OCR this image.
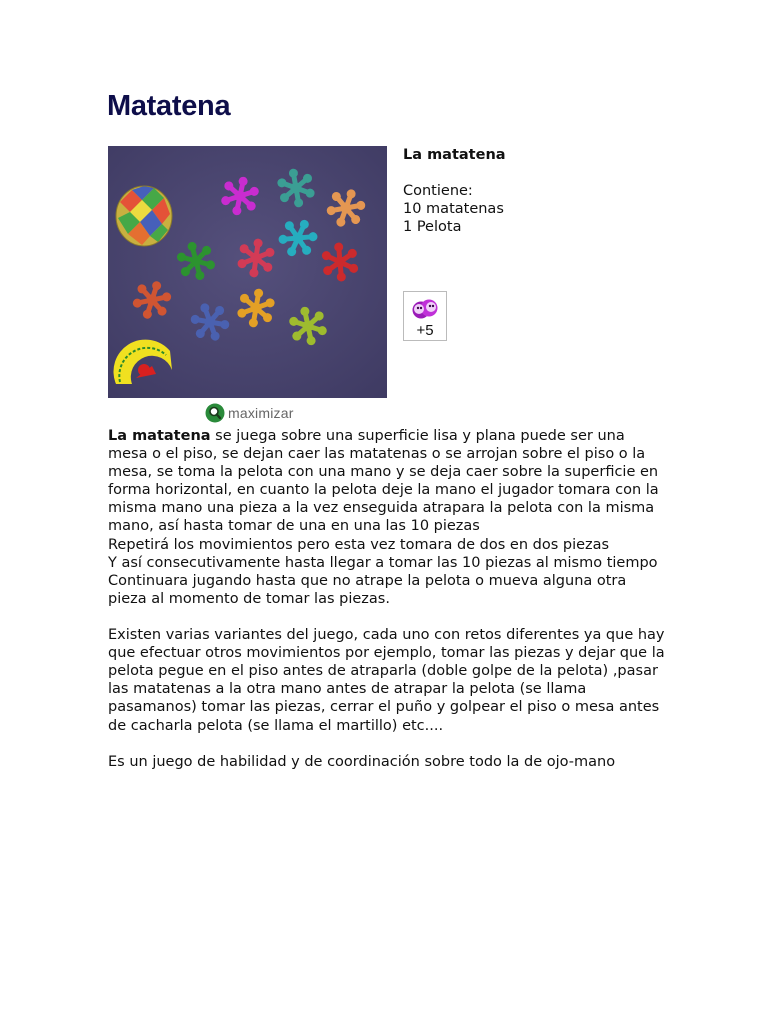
Matatena
La matatena
Contiene:
10 matatenas
1 Pelota
+5
maximizar

La matatena se juega sobre una superficie lisa y plana puede ser una mesa o el piso, se dejan caer las matatenas o se arrojan sobre el piso o la mesa, se toma la pelota con una mano y se deja caer sobre la superficie en forma horizontal, en cuanto la pelota deje la mano el jugador tomara con la misma mano una pieza a la vez enseguida atrapara la pelota con la misma mano, así hasta tomar de una en una las 10 piezas

Repetirá los movimientos pero esta vez tomara de dos en dos piezas

Y así consecutivamente hasta llegar a tomar las 10 piezas al mismo tiempo

Continuara jugando hasta que no atrape la pelota o mueva alguna otra pieza al momento de tomar las piezas.

Existen varias variantes del juego, cada uno con retos diferentes ya que hay que efectuar otros movimientos por ejemplo, tomar las piezas y dejar que la pelota pegue en el piso antes de atraparla (doble golpe de la pelota) ,pasar las matatenas a la otra mano antes de atrapar la pelota (se llama pasamanos) tomar las piezas, cerrar el puño y golpear el piso o mesa antes de cacharla pelota (se llama el martillo) etc....

Es un juego de habilidad y de coordinación sobre todo la de ojo-mano
